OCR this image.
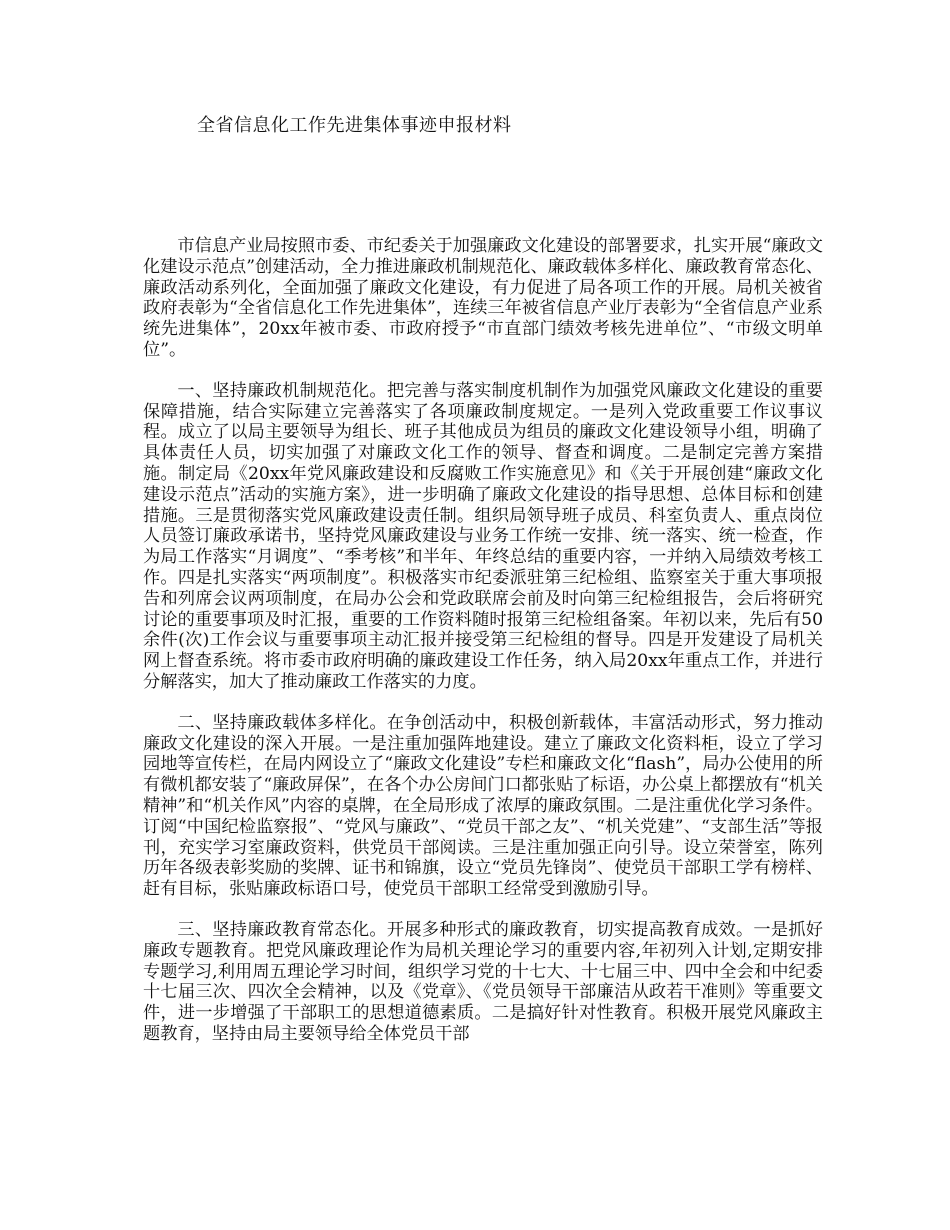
全省信息化工作先进集体事迹申报材料

市信息产业局按照市委、市纪委关于加强廉政文化建设的部署要求，扎实开展“廉政文化建设示范点”创建活动，全力推进廉政机制规范化、廉政载体多样化、廉政教育常态化、廉政活动系列化，全面加强了廉政文化建设，有力促进了局各项工作的开展。局机关被省政府表彰为“全省信息化工作先进集体”，连续三年被省信息产业厅表彰为“全省信息产业系统先进集体”，20xx年被市委、市政府授予“市直部门绩效考核先进单位”、“市级文明单位”。

一、坚持廉政机制规范化。把完善与落实制度机制作为加强党风廉政文化建设的重要保障措施，结合实际建立完善落实了各项廉政制度规定。一是列入党政重要工作议事议程。成立了以局主要领导为组长、班子其他成员为组员的廉政文化建设领导小组，明确了具体责任人员，切实加强了对廉政文化工作的领导、督查和调度。二是制定完善方案措施。制定局《20xx年党风廉政建设和反腐败工作实施意见》和《关于开展创建“廉政文化建设示范点”活动的实施方案》，进一步明确了廉政文化建设的指导思想、总体目标和创建措施。三是贯彻落实党风廉政建设责任制。组织局领导班子成员、科室负责人、重点岗位人员签订廉政承诺书，坚持党风廉政建设与业务工作统一安排、统一落实、统一检查，作为局工作落实“月调度”、“季考核”和半年、年终总结的重要内容，一并纳入局绩效考核工作。四是扎实落实“两项制度”。积极落实市纪委派驻第三纪检组、监察室关于重大事项报告和列席会议两项制度，在局办公会和党政联席会前及时向第三纪检组报告，会后将研究讨论的重要事项及时汇报，重要的工作资料随时报第三纪检组备案。年初以来，先后有50余件(次)工作会议与重要事项主动汇报并接受第三纪检组的督导。四是开发建设了局机关网上督查系统。将市委市政府明确的廉政建设工作任务，纳入局20xx年重点工作，并进行分解落实，加大了推动廉政工作落实的力度。

二、坚持廉政载体多样化。在争创活动中，积极创新载体，丰富活动形式，努力推动廉政文化建设的深入开展。一是注重加强阵地建设。建立了廉政文化资料柜，设立了学习园地等宣传栏，在局内网设立了“廉政文化建设”专栏和廉政文化“flash”，局办公使用的所有微机都安装了“廉政屏保”，在各个办公房间门口都张贴了标语，办公桌上都摆放有“机关精神”和“机关作风”内容的桌牌，在全局形成了浓厚的廉政氛围。二是注重优化学习条件。订阅“中国纪检监察报”、“党风与廉政”、“党员干部之友”、“机关党建”、“支部生活”等报刊，充实学习室廉政资料，供党员干部阅读。三是注重加强正向引导。设立荣誉室，陈列历年各级表彰奖励的奖牌、证书和锦旗，设立“党员先锋岗”、使党员干部职工学有榜样、赶有目标，张贴廉政标语口号，使党员干部职工经常受到激励引导。

三、坚持廉政教育常态化。开展多种形式的廉政教育，切实提高教育成效。一是抓好廉政专题教育。把党风廉政理论作为局机关理论学习的重要内容,年初列入计划,定期安排专题学习,利用周五理论学习时间，组织学习党的十七大、十七届三中、四中全会和中纪委十七届三次、四次全会精神，以及《党章》、《党员领导干部廉洁从政若干准则》等重要文件，进一步增强了干部职工的思想道德素质。二是搞好针对性教育。积极开展党风廉政主题教育，坚持由局主要领导给全体党员干部
